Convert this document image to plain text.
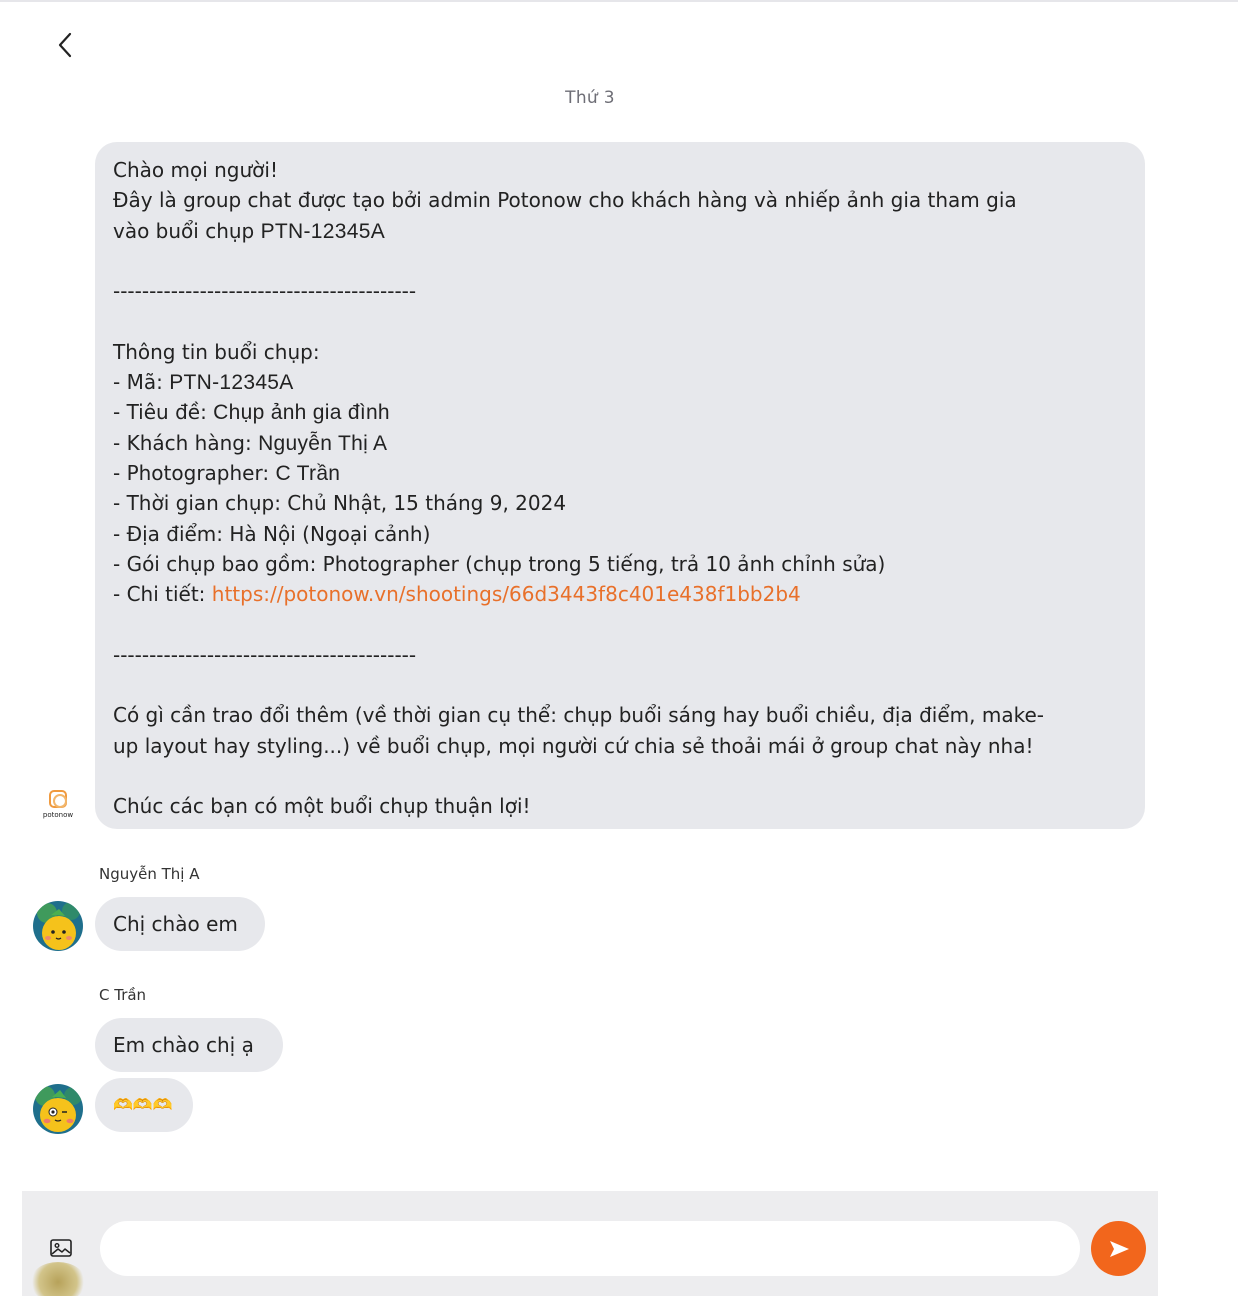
Thứ 3
Chào mọi người!
Đây là group chat được tạo bởi admin Potonow cho khách hàng và nhiếp ảnh gia tham gia
vào buổi chụp PTN-12345A
------------------------------------------
Thông tin buổi chụp:
- Mã: PTN-12345A
- Tiêu đề: Chụp ảnh gia đình
- Khách hàng: Nguyễn Thị A
- Photographer: C Trần
- Thời gian chụp: Chủ Nhật, 15 tháng 9, 2024
- Địa điểm: Hà Nội (Ngoại cảnh)
- Gói chụp bao gồm: Photographer (chụp trong 5 tiếng, trả 10 ảnh chỉnh sửa)
- Chi tiết: https://potonow.vn/shootings/66d3443f8c401e438f1bb2b4
------------------------------------------
Có gì cần trao đổi thêm (về thời gian cụ thể: chụp buổi sáng hay buổi chiều, địa điểm, make-
up layout hay styling...) về buổi chụp, mọi người cứ chia sẻ thoải mái ở group chat này nha!
Chúc các bạn có một buổi chụp thuận lợi!
potonow
Nguyễn Thị A
Chị chào em
C Trần
Em chào chị ạ
🫶🫶🫶
